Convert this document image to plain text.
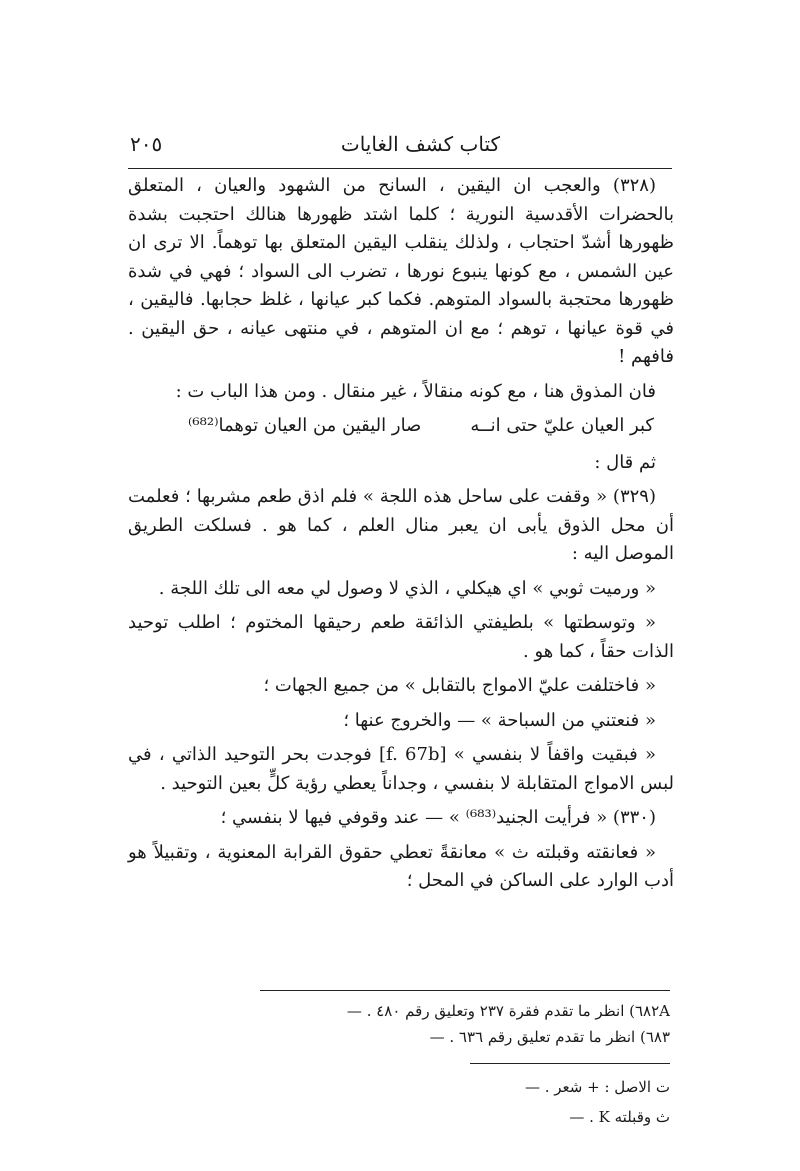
كتاب كشف الغايات
٢٠٥

(٣٢٨) والعجب ان اليقين ، السانح من الشهود والعيان ، المتعلق بالحضرات الأقدسية النورية ؛ كلما اشتد ظهورها هنالك احتجبت بشدة ظهورها أشدّ احتجاب ، ولذلك ينقلب اليقين المتعلق بها توهماً. الا ترى ان عين الشمس ، مع كونها ينبوع نورها ، تضرب الى السواد ؛ فهي في شدة ظهورها محتجبة بالسواد المتوهم. فكما كبر عيانها ، غلظ حجابها. فاليقين ، في قوة عيانها ، توهم ؛ مع ان المتوهم ، في منتهى عيانه ، حق اليقين . فافهم !

فان المذوق هنا ، مع كونه منقالاً ، غير منقال . ومن هذا الباب ت :

كبر العيان عليّ حتى انــه
صار اليقين من العيان توهما⁽⁶⁸²⁾

ثم قال :

(٣٢٩) « وقفت على ساحل هذه اللجة » فلم اذق طعم مشربها ؛ فعلمت أن محل الذوق يأبى ان يعبر منال العلم ، كما هو . فسلكت الطريق الموصل اليه :

« ورميت ثوبي » اي هيكلي ، الذي لا وصول لي معه الى تلك اللجة .

« وتوسطتها » بلطيفتي الذائقة طعم رحيقها المختوم ؛ اطلب توحيد الذات حقاً ، كما هو .

« فاختلفت عليّ الامواج بالتقابل » من جميع الجهات ؛

« فنعتني من السباحة » — والخروج عنها ؛

« فبقيت واقفاً لا بنفسي » [f. 67b] فوجدت بحر التوحيد الذاتي ، في لبس الامواج المتقابلة لا بنفسي ، وجداناً يعطي رؤية كلٍّ بعين التوحيد .

(٣٣٠) « فرأيت الجنيد⁽⁶⁸³⁾ » — عند وقوفي فيها لا بنفسي ؛

« فعانقته وقبلته ث » معانقةً تعطي حقوق القرابة المعنوية ، وتقبيلاً هو أدب الوارد على الساكن في المحل ؛

٦٨٢A) انظر ما تقدم فقرة ٢٣٧ وتعليق رقم ٤٨٠ . —
٦٨٣) انظر ما تقدم تعليق رقم ٦٣٦ . —
ت الاصل : + شعر . —
ث وقبلته K . —
